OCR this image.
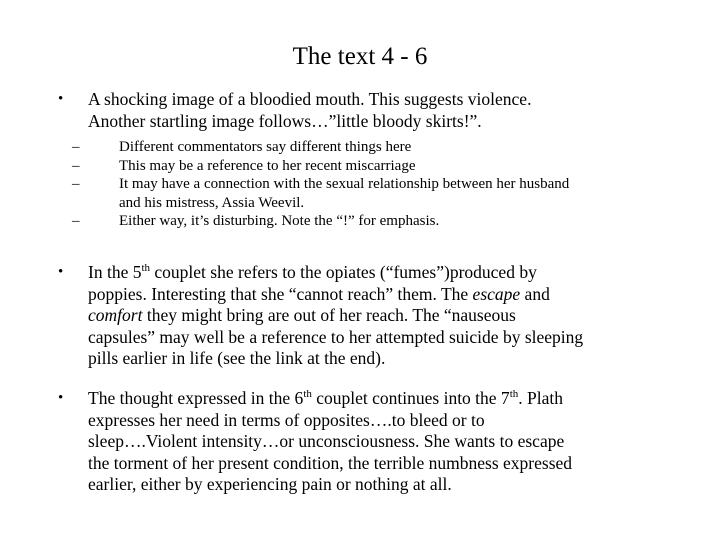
The text 4 - 6
• A shocking image of a bloodied mouth. This suggests violence.
Another startling image follows…”little bloody skirts!”.
–	Different commentators say different things here
–	This may be a reference to her recent miscarriage
–	It may have a connection with the sexual relationship between her husband
and his mistress, Assia Weevil.
–	Either way, it’s disturbing. Note the “!” for emphasis.
• In the 5th couplet she refers to the opiates (“fumes”)produced by
poppies. Interesting that she “cannot reach” them. The escape and
comfort they might bring are out of her reach. The “nauseous
capsules” may well be a reference to her attempted suicide by sleeping
pills earlier in life (see the link at the end).
• The thought expressed in the 6th couplet continues into the 7th. Plath
expresses her need in terms of opposites….to bleed or to
sleep….Violent intensity…or unconsciousness. She wants to escape
the torment of her present condition, the terrible numbness expressed
earlier, either by experiencing pain or nothing at all.
